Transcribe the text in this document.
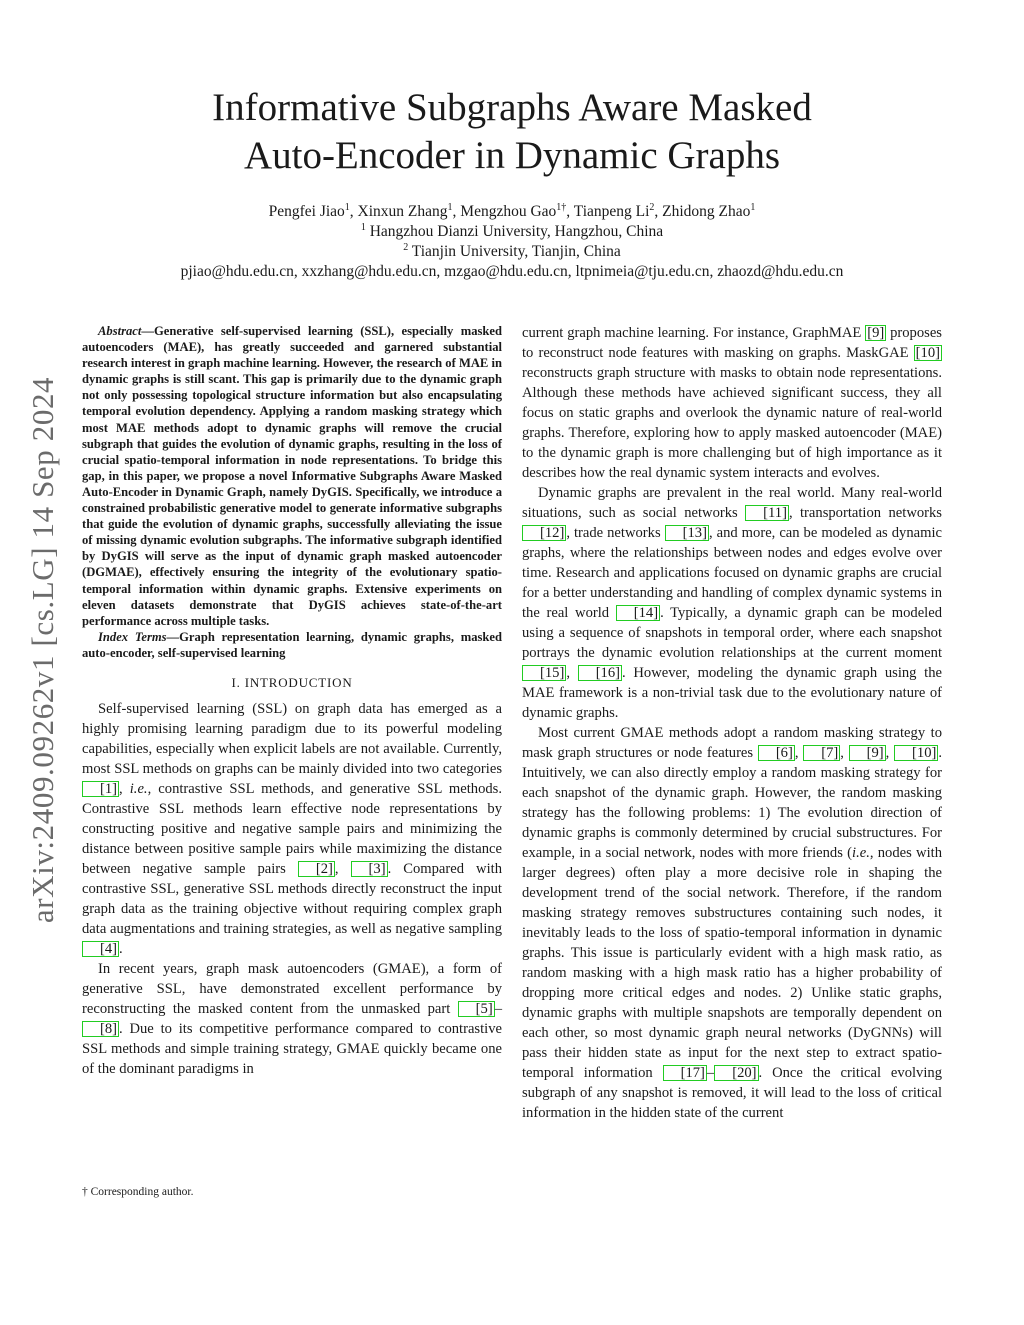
arXiv:2409.09262v1 [cs.LG] 14 Sep 2024
Informative Subgraphs Aware Masked
Auto-Encoder in Dynamic Graphs
Pengfei Jiao$^1$, Xinxun Zhang$^1$, Mengzhou Gao$^{1\dagger}$, Tianpeng Li$^2$, Zhidong Zhao$^1$
$^1$ Hangzhou Dianzi University, Hangzhou, China
$^2$ Tianjin University, Tianjin, China
pjiao@hdu.edu.cn, xxzhang@hdu.edu.cn, mzgao@hdu.edu.cn, ltpnimeia@tju.edu.cn, zhaozd@hdu.edu.cn

Abstract—Generative self-supervised learning (SSL), especially masked autoencoders (MAE), has greatly succeeded and garnered substantial research interest in graph machine learning. However, the research of MAE in dynamic graphs is still scant. This gap is primarily due to the dynamic graph not only possessing topological structure information but also encapsulating temporal evolution dependency. Applying a random masking strategy which most MAE methods adopt to dynamic graphs will remove the crucial subgraph that guides the evolution of dynamic graphs, resulting in the loss of crucial spatio-temporal information in node representations. To bridge this gap, in this paper, we propose a novel Informative Subgraphs Aware Masked Auto-Encoder in Dynamic Graph, namely DyGIS. Specifically, we introduce a constrained probabilistic generative model to generate informative subgraphs that guide the evolution of dynamic graphs, successfully alleviating the issue of missing dynamic evolution subgraphs. The informative subgraph identified by DyGIS will serve as the input of dynamic graph masked autoencoder (DGMAE), effectively ensuring the integrity of the evolutionary spatio-temporal information within dynamic graphs. Extensive experiments on eleven datasets demonstrate that DyGIS achieves state-of-the-art performance across multiple tasks.

Index Terms—Graph representation learning, dynamic graphs, masked auto-encoder, self-supervised learning

I. INTRODUCTION

Self-supervised learning (SSL) on graph data has emerged as a highly promising learning paradigm due to its powerful modeling capabilities, especially when explicit labels are not available. Currently, most SSL methods on graphs can be mainly divided into two categories [1] , i.e., contrastive SSL methods, and generative SSL methods. Contrastive SSL methods learn effective node representations by constructing positive and negative sample pairs and minimizing the distance between positive sample pairs while maximizing the distance between negative sample pairs [2] , [3] . Compared with contrastive SSL, generative SSL methods directly reconstruct the input graph data as the training objective without requiring complex graph data augmentations and training strategies, as well as negative sampling [4] .

In recent years, graph mask autoencoders (GMAE), a form of generative SSL, have demonstrated excellent performance by reconstructing the masked content from the unmasked part [5] –[8] . Due to its competitive performance compared to contrastive SSL methods and simple training strategy, GMAE quickly became one of the dominant paradigms in

† Corresponding author.

current graph machine learning. For instance, GraphMAE [9] proposes to reconstruct node features with masking on graphs. MaskGAE [10] reconstructs graph structure with masks to obtain node representations. Although these methods have achieved significant success, they all focus on static graphs and overlook the dynamic nature of real-world graphs. Therefore, exploring how to apply masked autoencoder (MAE) to the dynamic graph is more challenging but of high importance as it describes how the real dynamic system interacts and evolves.

Dynamic graphs are prevalent in the real world. Many real-world situations, such as social networks [11] , transportation networks [12] , trade networks [13] , and more, can be modeled as dynamic graphs, where the relationships between nodes and edges evolve over time. Research and applications focused on dynamic graphs are crucial for a better understanding and handling of complex dynamic systems in the real world [14] . Typically, a dynamic graph can be modeled using a sequence of snapshots in temporal order, where each snapshot portrays the dynamic evolution relationships at the current moment [15] , [16] . However, modeling the dynamic graph using the MAE framework is a non-trivial task due to the evolutionary nature of dynamic graphs.

Most current GMAE methods adopt a random masking strategy to mask graph structures or node features [6] , [7] , [9] , [10] . Intuitively, we can also directly employ a random masking strategy for each snapshot of the dynamic graph. However, the random masking strategy has the following problems: 1) The evolution direction of dynamic graphs is commonly determined by crucial substructures. For example, in a social network, nodes with more friends (i.e., nodes with larger degrees) often play a more decisive role in shaping the development trend of the social network. Therefore, if the random masking strategy removes substructures containing such nodes, it inevitably leads to the loss of spatio-temporal information in dynamic graphs. This issue is particularly evident with a high mask ratio, as random masking with a high mask ratio has a higher probability of dropping more critical edges and nodes. 2) Unlike static graphs, dynamic graphs with multiple snapshots are temporally dependent on each other, so most dynamic graph neural networks (DyGNNs) will pass their hidden state as input for the next step to extract spatio-temporal information [17] – [20] . Once the critical evolving subgraph of any snapshot is removed, it will lead to the loss of critical information in the hidden state of the current
